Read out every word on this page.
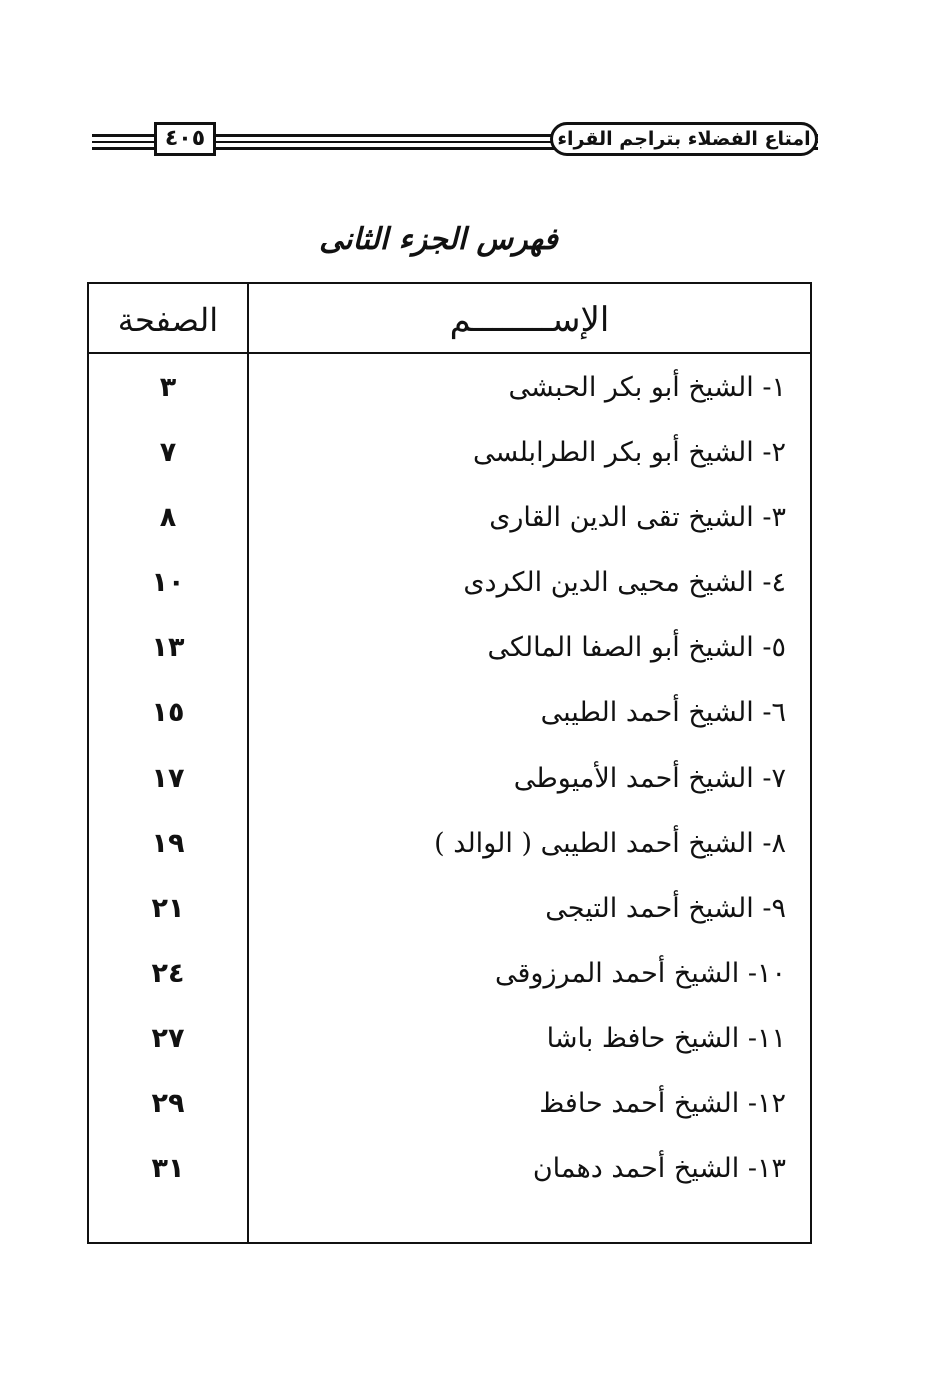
٤٠٥	امتاع الفضلاء بتراجم القراء
فهرس الجزء الثانى
الإســــــــم
الصفحة
١- الشيخ أبو بكر الحبشى
٣
٢- الشيخ أبو بكر الطرابلسى
٧
٣- الشيخ تقى الدين القارى
٨
٤- الشيخ محيى الدين الكردى
١٠
٥- الشيخ أبو الصفا المالكى
١٣
٦- الشيخ أحمد الطيبى
١٥
٧- الشيخ أحمد الأميوطى
١٧
٨- الشيخ أحمد الطيبى ( الوالد )
١٩
٩- الشيخ أحمد التيجى
٢١
١٠- الشيخ أحمد المرزوقى
٢٤
١١- الشيخ حافظ باشا
٢٧
١٢- الشيخ أحمد حافظ
٢٩
١٣- الشيخ أحمد دهمان
٣١
